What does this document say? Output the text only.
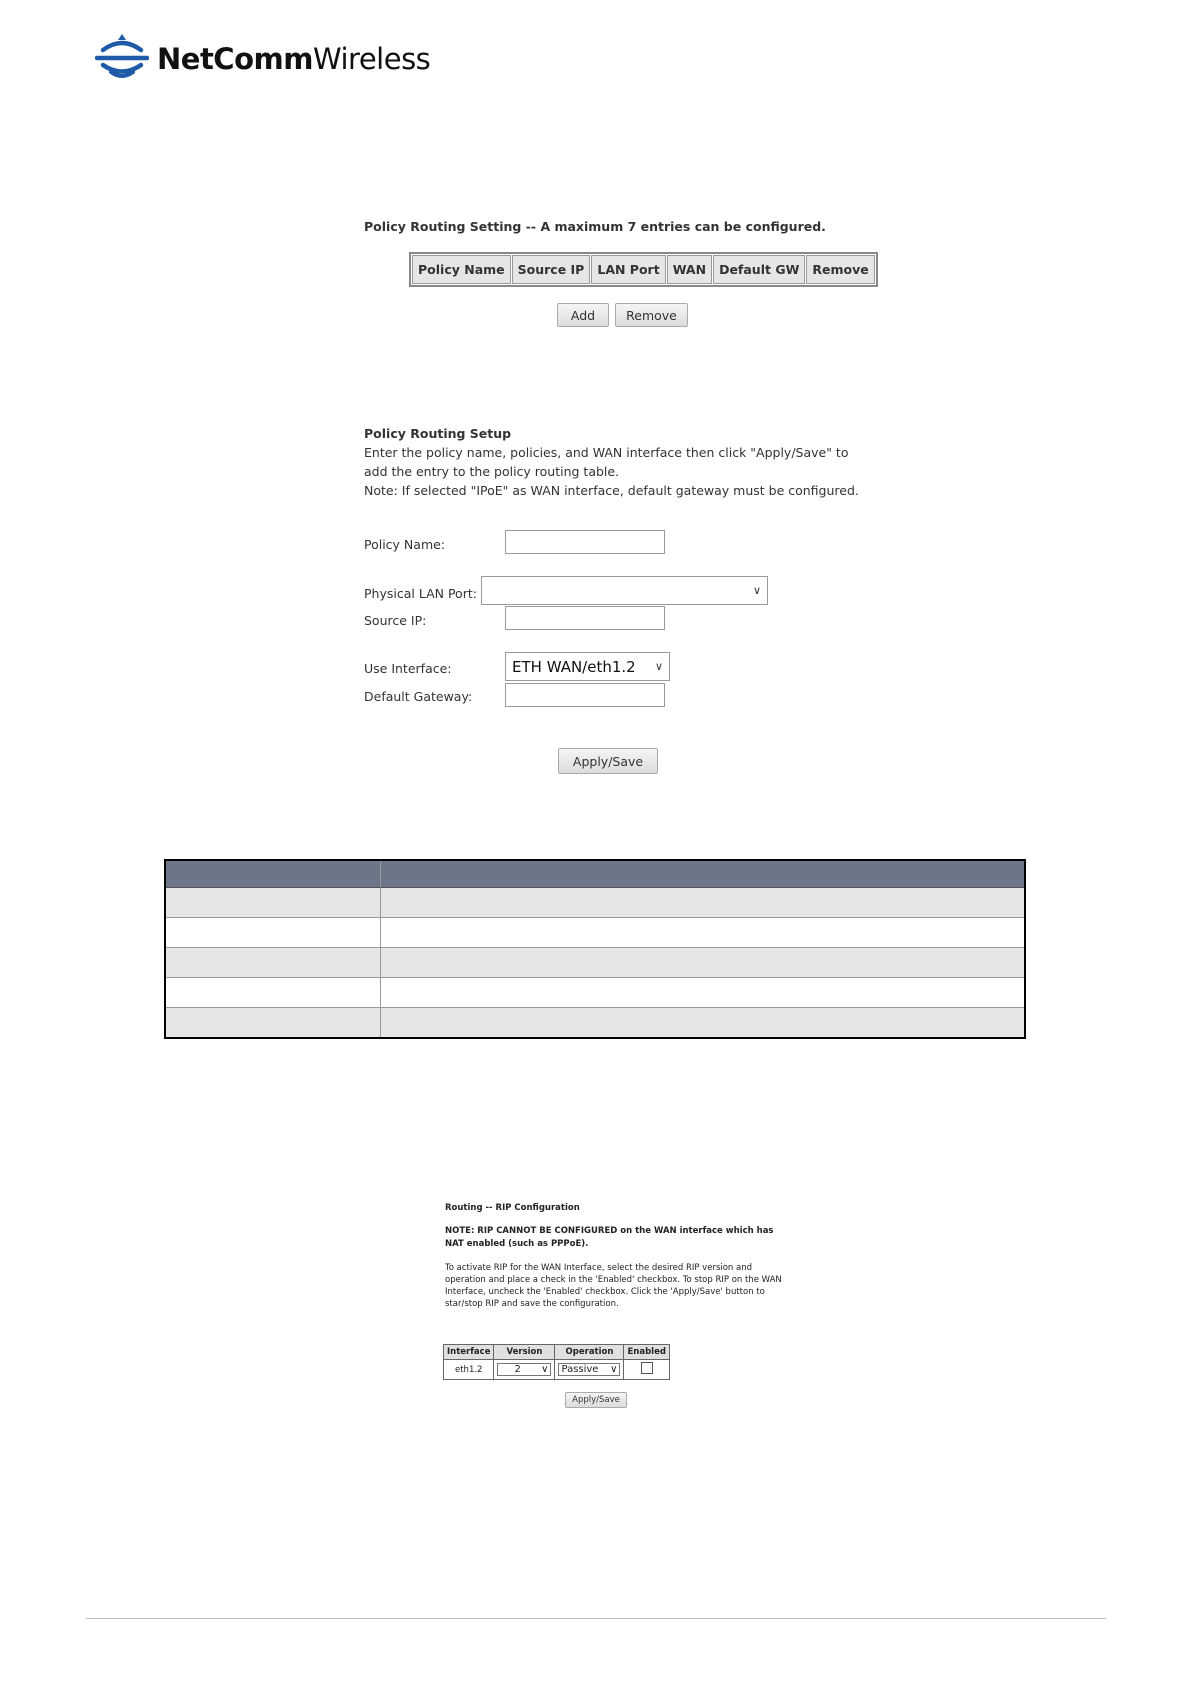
NetCommWireless
Policy Routing Setting -- A maximum 7 entries can be configured.
Policy Name	Source IP	LAN Port	WAN	Default GW	Remove
Add	Remove
Policy Routing Setup
Enter the policy name, policies, and WAN interface then click "Apply/Save" to
add the entry to the policy routing table.
Note: If selected "IPoE" as WAN interface, default gateway must be configured.
Policy Name:
Physical LAN Port:	∨
Source IP:
Use Interface:	ETH WAN/eth1.2 ∨
Default Gateway:
Apply/Save

Routing -- RIP Configuration
NOTE: RIP CANNOT BE CONFIGURED on the WAN interface which has
NAT enabled (such as PPPoE).
To activate RIP for the WAN Interface, select the desired RIP version and
operation and place a check in the 'Enabled' checkbox. To stop RIP on the WAN
Interface, uncheck the 'Enabled' checkbox. Click the 'Apply/Save' button to
star/stop RIP and save the configuration.
Interface	Version	Operation	Enabled
eth1.2	2 ∨	Passive ∨	

Apply/Save
